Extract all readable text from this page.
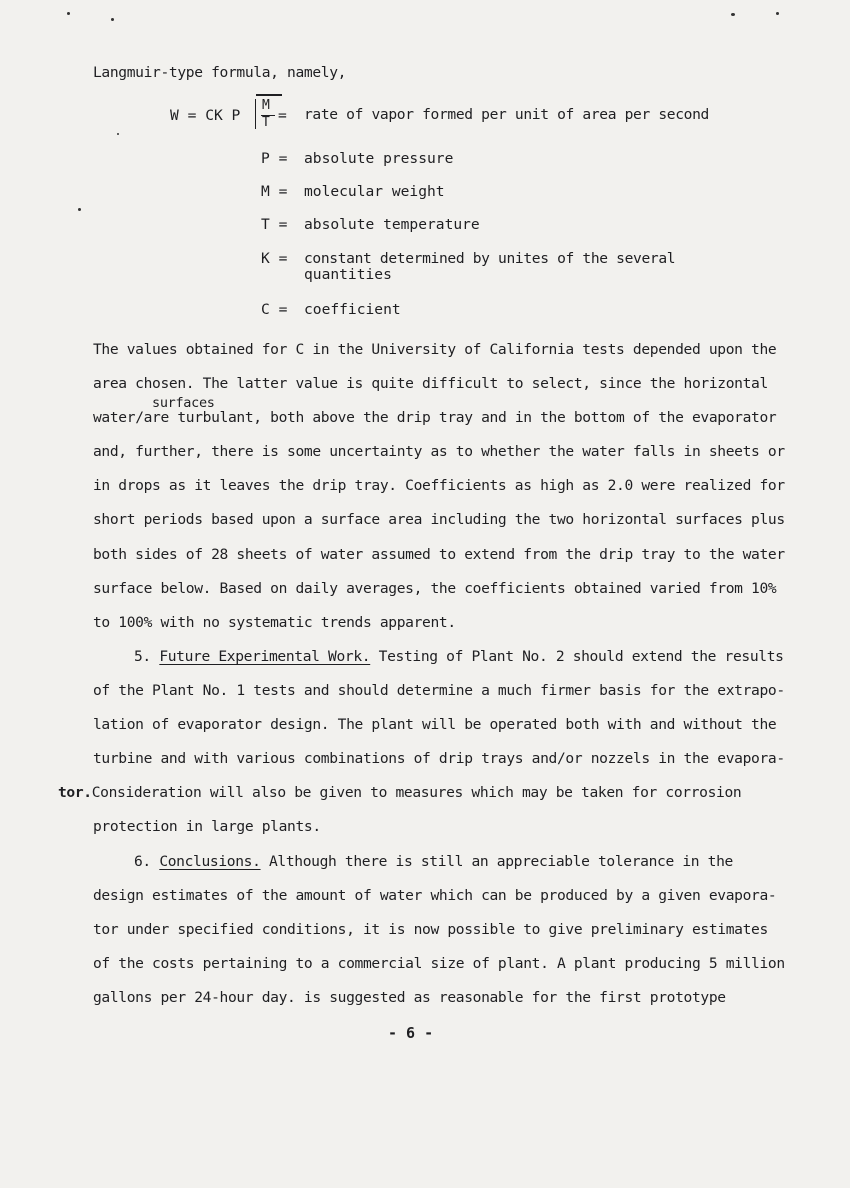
Langmuir-type formula, namely,
W = CK P
M
T = rate of vapor formed per unit of area per second
P = absolute pressure
M = molecular weight
T = absolute temperature
K = constant determined by unites of the several
quantities
C = coefficient
The values obtained for C in the University of California tests depended upon the
area chosen. The latter value is quite difficult to select, since the horizontal
surfaces
water/are turbulant, both above the drip tray and in the bottom of the evaporator
and, further, there is some uncertainty as to whether the water falls in sheets or
in drops as it leaves the drip tray. Coefficients as high as 2.0 were realized for
short periods based upon a surface area including the two horizontal surfaces plus
both sides of 28 sheets of water assumed to extend from the drip tray to the water
surface below. Based on daily averages, the coefficients obtained varied from 10%
to 100% with no systematic trends apparent.
5. Future Experimental Work. Testing of Plant No. 2 should extend the results
of the Plant No. 1 tests and should determine a much firmer basis for the extrapo-
lation of evaporator design. The plant will be operated both with and without the
turbine and with various combinations of drip trays and/or nozzels in the evapora-
tor.Consideration will also be given to measures which may be taken for corrosion
protection in large plants.
6. Conclusions. Although there is still an appreciable tolerance in the
design estimates of the amount of water which can be produced by a given evapora-
tor under specified conditions, it is now possible to give preliminary estimates
of the costs pertaining to a commercial size of plant. A plant producing 5 million
gallons per 24-hour day. is suggested as reasonable for the first prototype
- 6 -
